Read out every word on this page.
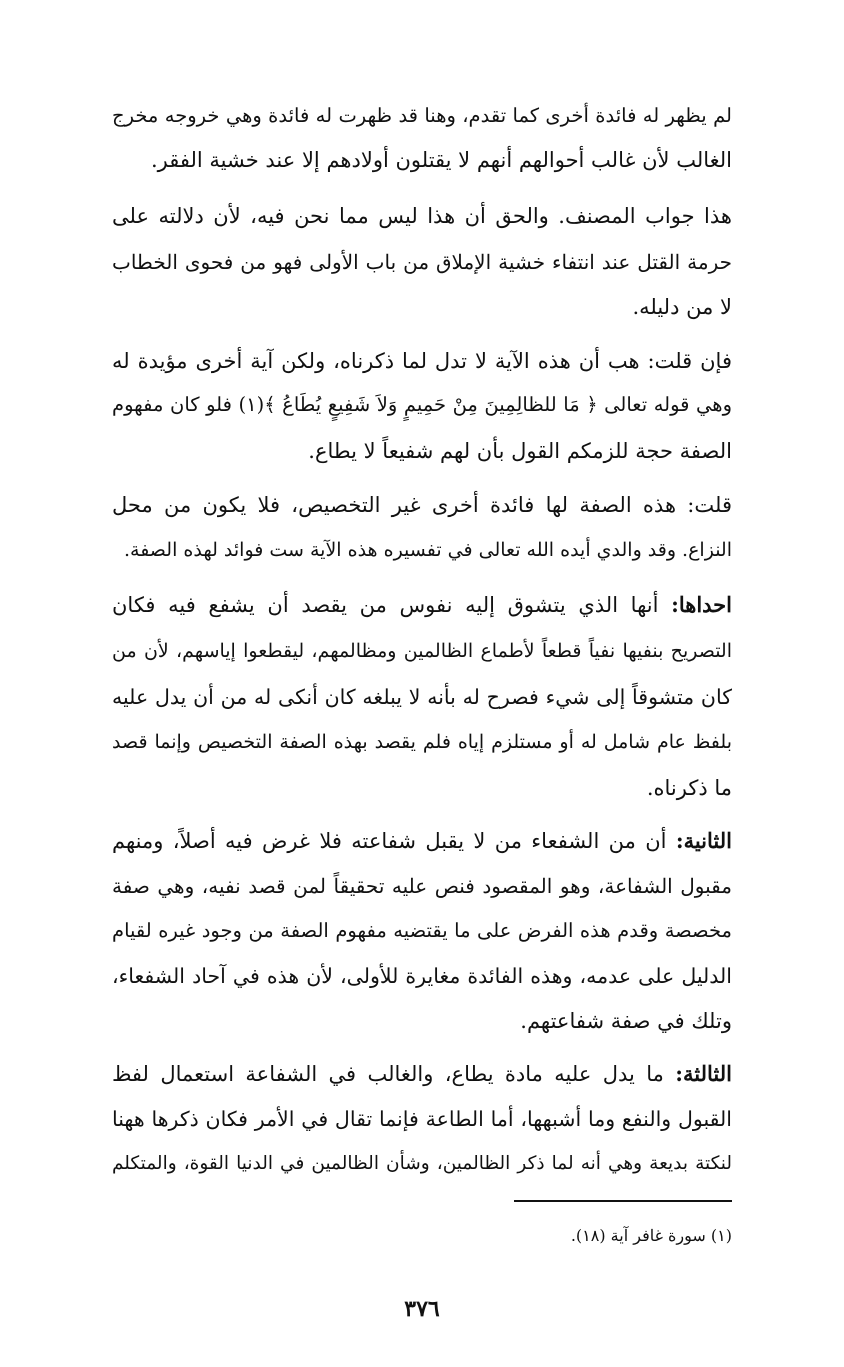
لم يظهر له فائدة أخرى كما تقدم، وهنا قد ظهرت له فائدة وهي خروجه مخرج
الغالب لأن غالب أحوالهم أنهم لا يقتلون أولادهم إلا عند خشية الفقر.
هذا جواب المصنف. والحق أن هذا ليس مما نحن فيه، لأن دلالته على
حرمة القتل عند انتفاء خشية الإملاق من باب الأولى فهو من فحوى الخطاب
لا من دليله.
فإن قلت: هب أن هذه الآية لا تدل لما ذكرناه، ولكن آية أخرى مؤيدة له
وهي قوله تعالى ﴿ مَا للظالِمِينَ مِنْ حَمِيمٍ وَلاَ شَفِيعٍ يُطَاعُ ﴾(١) فلو كان مفهوم
الصفة حجة للزمكم القول بأن لهم شفيعاً لا يطاع.
قلت: هذه الصفة لها فائدة أخرى غير التخصيص، فلا يكون من محل
النزاع. وقد والدي أيده الله تعالى في تفسيره هذه الآية ست فوائد لهذه الصفة.
احداها: أنها الذي يتشوق إليه نفوس من يقصد أن يشفع فيه فكان
التصريح بنفيها نفياً قطعاً لأطماع الظالمين ومظالمهم، ليقطعوا إياسهم، لأن من
كان متشوقاً إلى شيء فصرح له بأنه لا يبلغه كان أنكى له من أن يدل عليه
بلفظ عام شامل له أو مستلزم إياه فلم يقصد بهذه الصفة التخصيص وإنما قصد
ما ذكرناه.
الثانية: أن من الشفعاء من لا يقبل شفاعته فلا غرض فيه أصلاً، ومنهم
مقبول الشفاعة، وهو المقصود فنص عليه تحقيقاً لمن قصد نفيه، وهي صفة
مخصصة وقدم هذه الفرض على ما يقتضيه مفهوم الصفة من وجود غيره لقيام
الدليل على عدمه، وهذه الفائدة مغايرة للأولى، لأن هذه في آحاد الشفعاء،
وتلك في صفة شفاعتهم.
الثالثة: ما يدل عليه مادة يطاع، والغالب في الشفاعة استعمال لفظ
القبول والنفع وما أشبهها، أما الطاعة فإنما تقال في الأمر فكان ذكرها ههنا
لنكتة بديعة وهي أنه لما ذكر الظالمين، وشأن الظالمين في الدنيا القوة، والمتكلم
(١) سورة غافر آية (١٨).
٣٧٦
